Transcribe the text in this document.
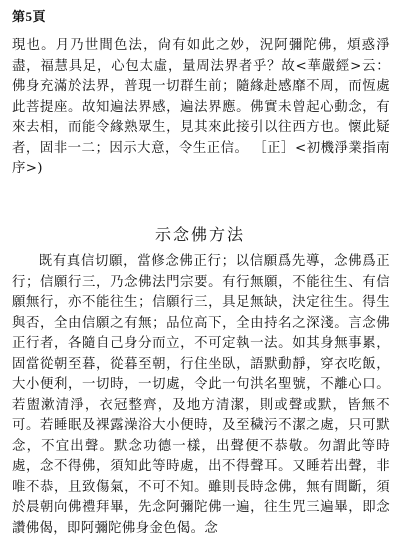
第5頁
現也。月乃世間色法，尙有如此之妙，況阿彌陀佛，煩惑淨盡，福慧具足，心包太虛，量周法界者乎？故<華嚴經>云：佛身充滿於法界，普現一切群生前；隨緣赴感靡不周，而恆處此菩提座。故知遍法界感，遍法界應。佛實未曾起心動念，有來去相，而能令緣熟眾生，見其來此接引以往西方也。懷此疑者，固非一二；因示大意，令生正信。 ［正］<初機淨業指南序>)
示念佛方法
既有真信切願，當修念佛正行；以信願爲先導，念佛爲正行；信願行三，乃念佛法門宗要。有行無願，不能往生、有信願無行，亦不能往生；信願行三，具足無缺，決定往生。得生與否，全由信願之有無；品位高下，全由持名之深淺。言念佛正行者，各隨自己身分而立，不可定執一法。如其身無事累，固當從朝至暮，從暮至朝，行住坐臥，語默動靜，穿衣吃飯，大小便利，一切時，一切處，令此一句洪名聖號，不離心口。若盥漱清淨，衣冠整齊，及地方清潔，則或聲或默，皆無不可。若睡眠及裸露澡浴大小便時，及至穢污不潔之處，只可默念，不宜出聲。默念功德一樣，出聲便不恭敬。勿謂此等時處，念不得佛，須知此等時處，出不得聲耳。又睡若出聲，非唯不恭，且致傷氣，不可不知。雖則長時念佛，無有間斷，須於晨朝向佛禮拜畢，先念阿彌陀佛一遍，往生咒三遍畢，即念讚佛偈，即阿彌陀佛身金色偈。念
